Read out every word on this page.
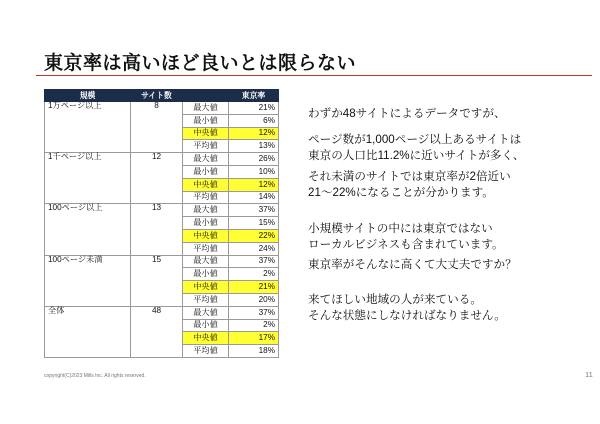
東京率は高いほど良いとは限らない
規模	サイト数		東京率
1万ページ以上	8	最大値	21%
		最小値	6%
		中央値	12%
		平均値	13%
1千ページ以上	12	最大値	26%
		最小値	10%
		中央値	12%
		平均値	14%
100ページ以上	13	最大値	37%
		最小値	15%
		中央値	22%
		平均値	24%
100ページ未満	15	最大値	37%
		最小値	2%
		中央値	21%
		平均値	20%
全体	48	最大値	37%
		最小値	2%
		中央値	17%
		平均値	18%

わずか48サイトによるデータですが、

ページ数が1,000ページ以上あるサイトは
東京の人口比11.2%に近いサイトが多く、

それ未満のサイトでは東京率が2倍近い
21～22%になることが分かります。

小規模サイトの中には東京ではない
ローカルビジネスも含まれています。

東京率がそんなに高くて大丈夫ですか？

来てほしい地域の人が来ている。
そんな状態にしなければなりません。

copyright(C)2023 Mills Inc. All rights reserved.	11
